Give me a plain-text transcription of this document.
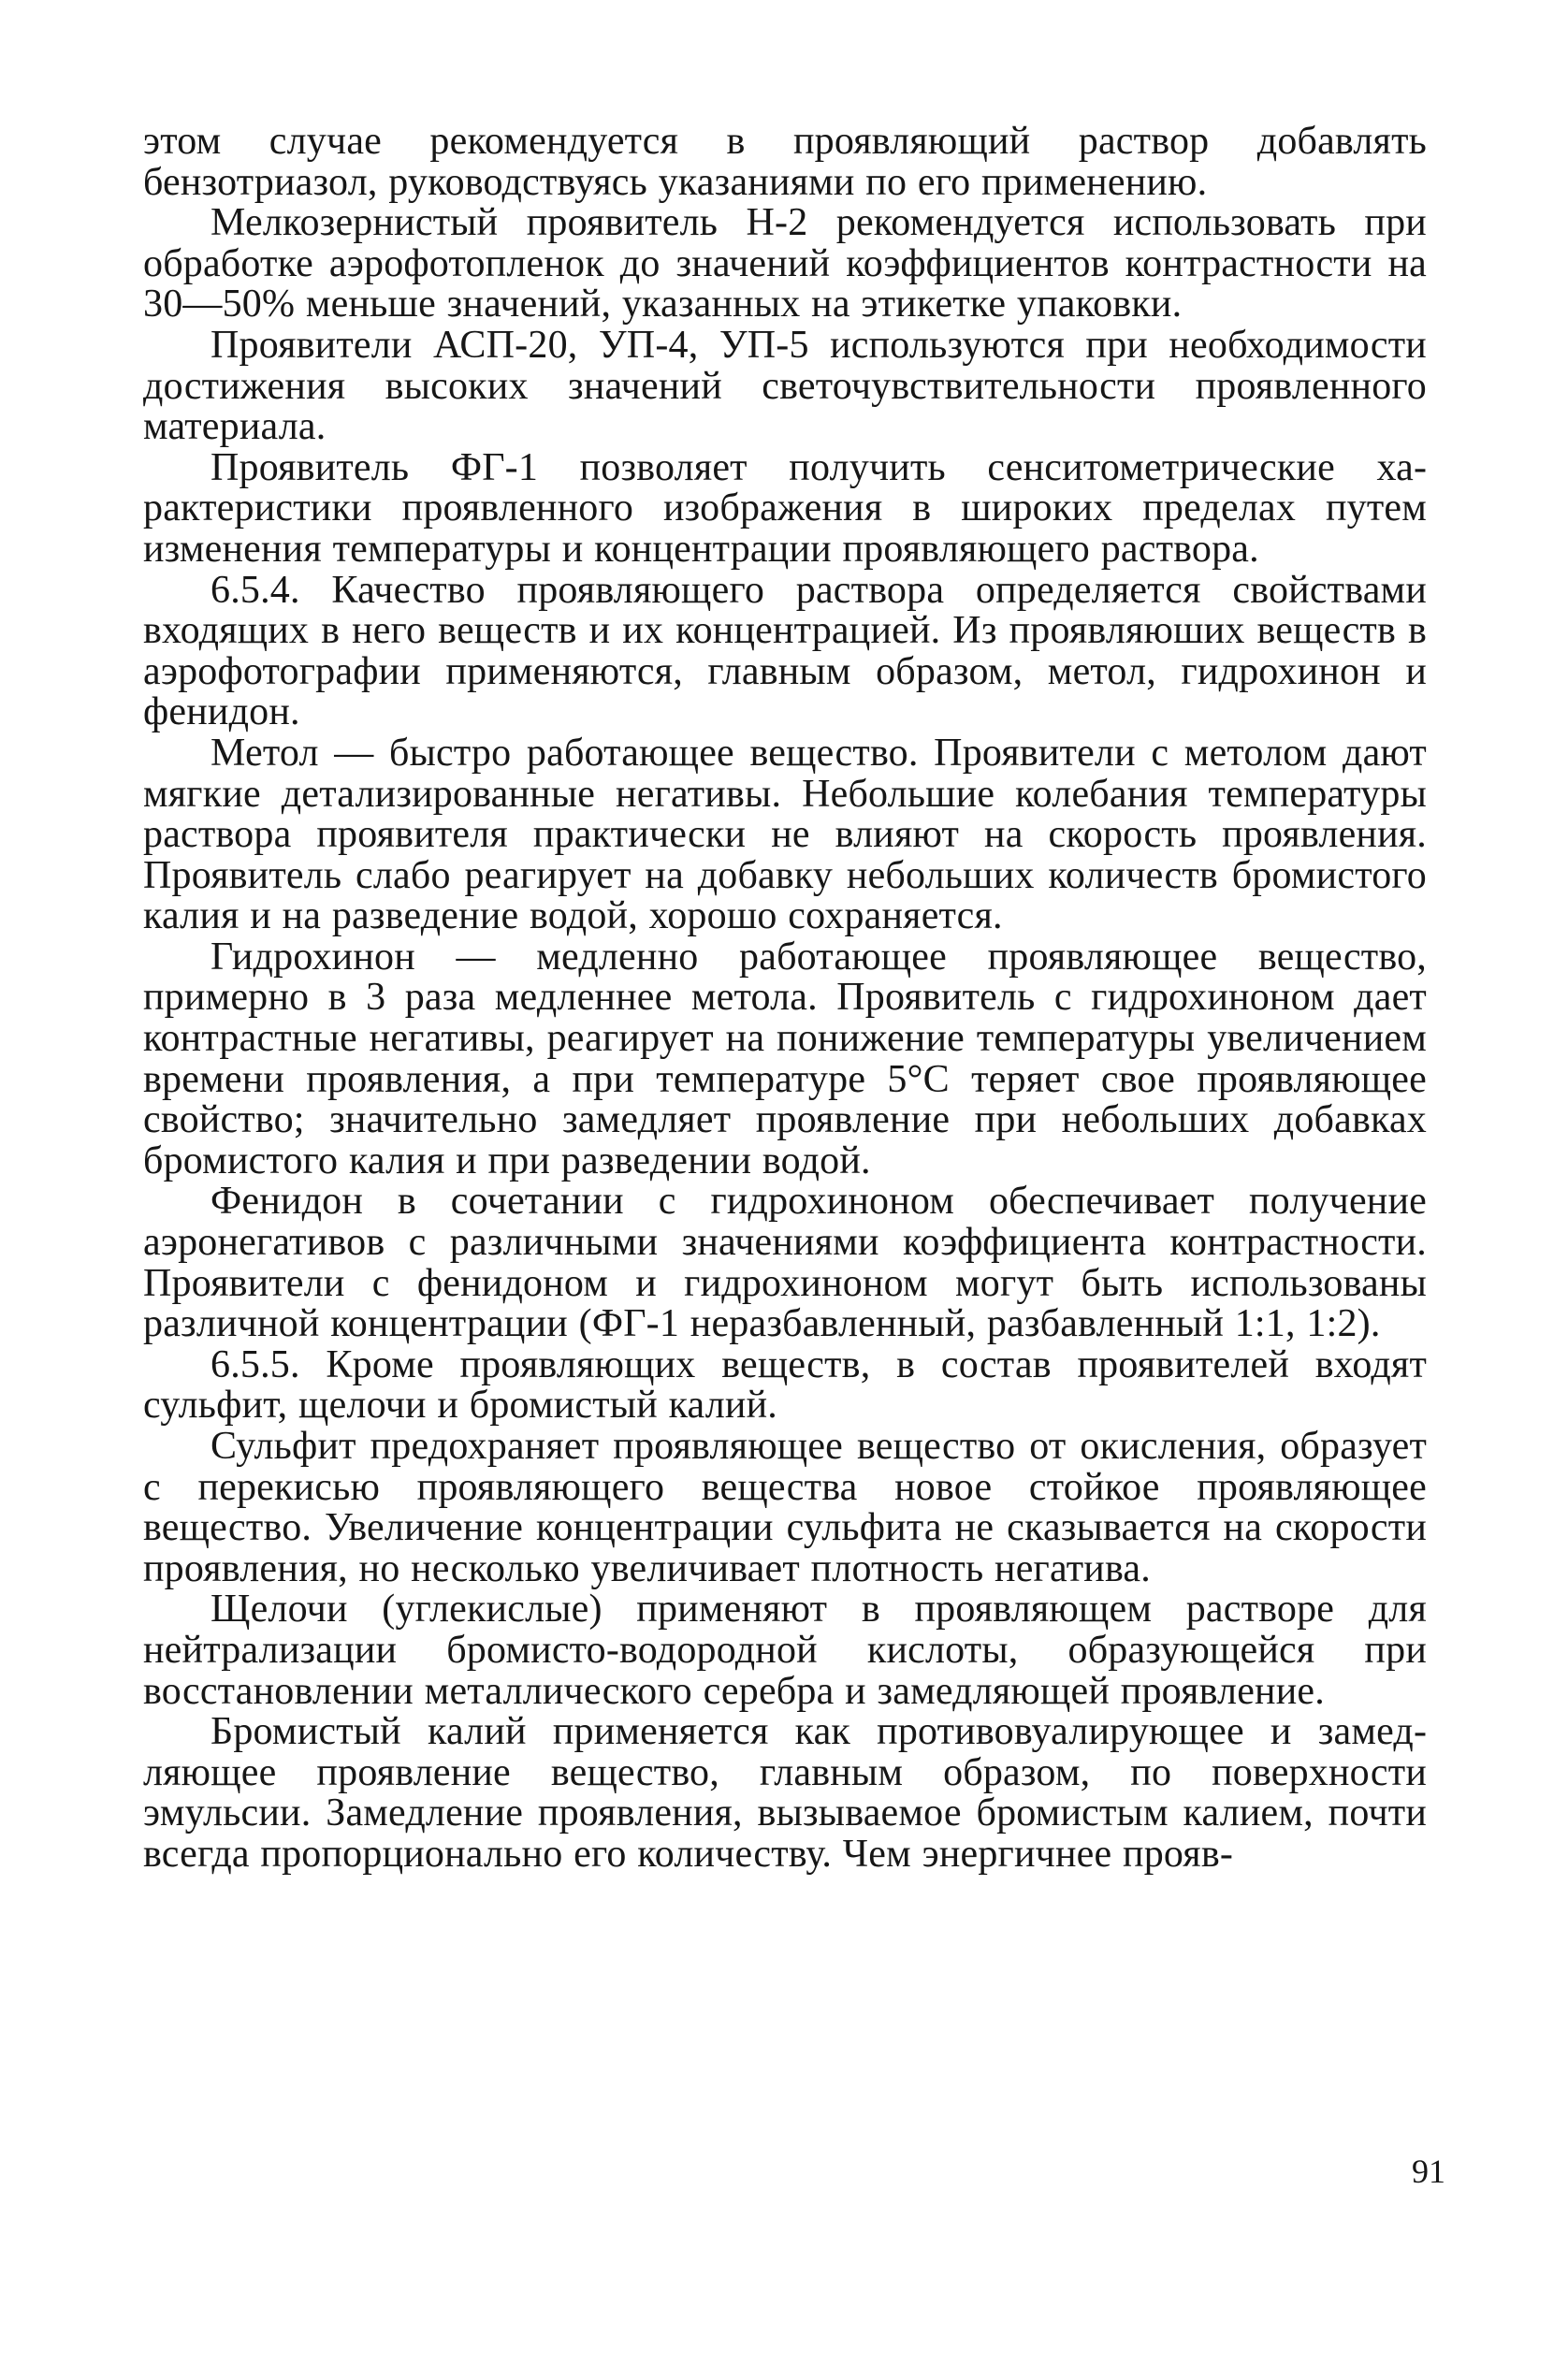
этом случае рекомендуется в проявляющий раствор добавлять бензотриазол, руководствуясь указаниями по его применению.

Мелкозернистый проявитель Н-2 рекомендуется использовать при обработке аэрофотопленок до значений коэффициентов контрастности на 30—50% меньше значений, указанных на этикетке упаковки.

Проявители АСП-20, УП-4, УП-5 используются при необходимости достижения высоких значений светочувствительности проявленного материала.

Проявитель ФГ-1 позволяет получить сенситометрические характеристики проявленного изображения в широких пределах путем изменения температуры и концентрации проявляющего раствора.

6.5.4. Качество проявляющего раствора определяется свойствами входящих в него веществ и их концентрацией. Из проявляюших веществ в аэрофотографии применяются, главным образом, метол, гидрохинон и фенидон.

Метол — быстро работающее вещество. Проявители с метолом дают мягкие детализированные негативы. Небольшие колебания температуры раствора проявителя практически не влияют на скорость проявления. Проявитель слабо реагирует на добавку небольших количеств бромистого калия и на разведение водой, хорошо сохраняется.

Гидрохинон — медленно работающее проявляющее вещество, примерно в 3 раза медленнее метола. Проявитель с гидрохиноном дает контрастные негативы, реагирует на понижение температуры увеличением времени проявления, а при температуре 5°С теряет свое проявляющее свойство; значительно замедляет проявление при небольших добавках бромистого калия и при разведении водой.

Фенидон в сочетании с гидрохиноном обеспечивает получение аэронегативов с различными значениями коэффициента контрастности. Проявители с фенидоном и гидрохиноном могут быть использованы различной концентрации (ФГ-1 неразбавленный, разбавленный 1:1, 1:2).

6.5.5. Кроме проявляющих веществ, в состав проявителей входят сульфит, щелочи и бромистый калий.

Сульфит предохраняет проявляющее вещество от окисления, образует с перекисью проявляющего вещества новое стойкое проявляющее вещество. Увеличение концентрации сульфита не сказывается на скорости проявления, но несколько увеличивает плотность негатива.

Щелочи (углекислые) применяют в проявляющем растворе для нейтрализации бромисто-водородной кислоты, образующейся при восстановлении металлического серебра и замедляющей проявление.

Бромистый калий применяется как противовуалирующее и замедляющее проявление вещество, главным образом, по поверхности эмульсии. Замедление проявления, вызываемое бромистым калием, почти всегда пропорционально его количеству. Чем энергичнее прояв-

91
